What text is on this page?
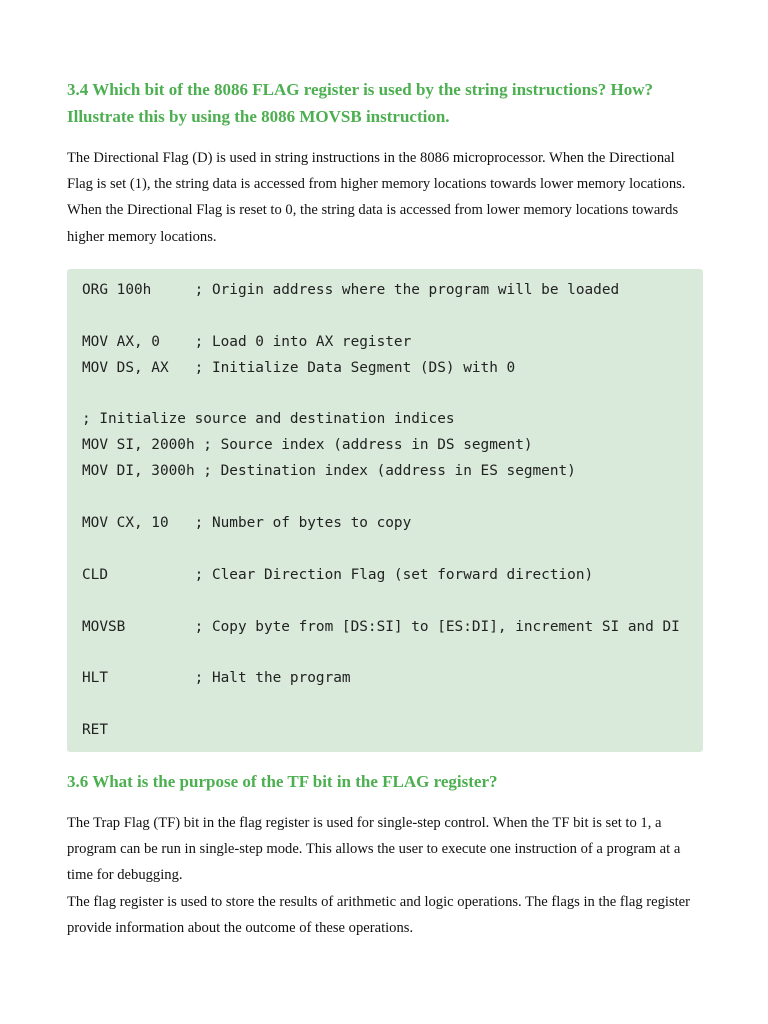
3.4 Which bit of the 8086 FLAG register is used by the string instructions? How? Illustrate this by using the 8086 MOVSB instruction.

The Directional Flag (D) is used in string instructions in the 8086 microprocessor. When the Directional Flag is set (1), the string data is accessed from higher memory locations towards lower memory locations. When the Directional Flag is reset to 0, the string data is accessed from lower memory locations towards higher memory locations.

ORG 100h     ; Origin address where the program will be loaded
MOV AX, 0    ; Load 0 into AX register
MOV DS, AX   ; Initialize Data Segment (DS) with 0
; Initialize source and destination indices
MOV SI, 2000h ; Source index (address in DS segment)
MOV DI, 3000h ; Destination index (address in ES segment)
MOV CX, 10   ; Number of bytes to copy
CLD          ; Clear Direction Flag (set forward direction)
MOVSB        ; Copy byte from [DS:SI] to [ES:DI], increment SI and DI
HLT          ; Halt the program
RET
3.6 What is the purpose of the TF bit in the FLAG register?

The Trap Flag (TF) bit in the flag register is used for single-step control. When the TF bit is set to 1, a program can be run in single-step mode. This allows the user to execute one instruction of a program at a time for debugging.

The flag register is used to store the results of arithmetic and logic operations. The flags in the flag register provide information about the outcome of these operations.
